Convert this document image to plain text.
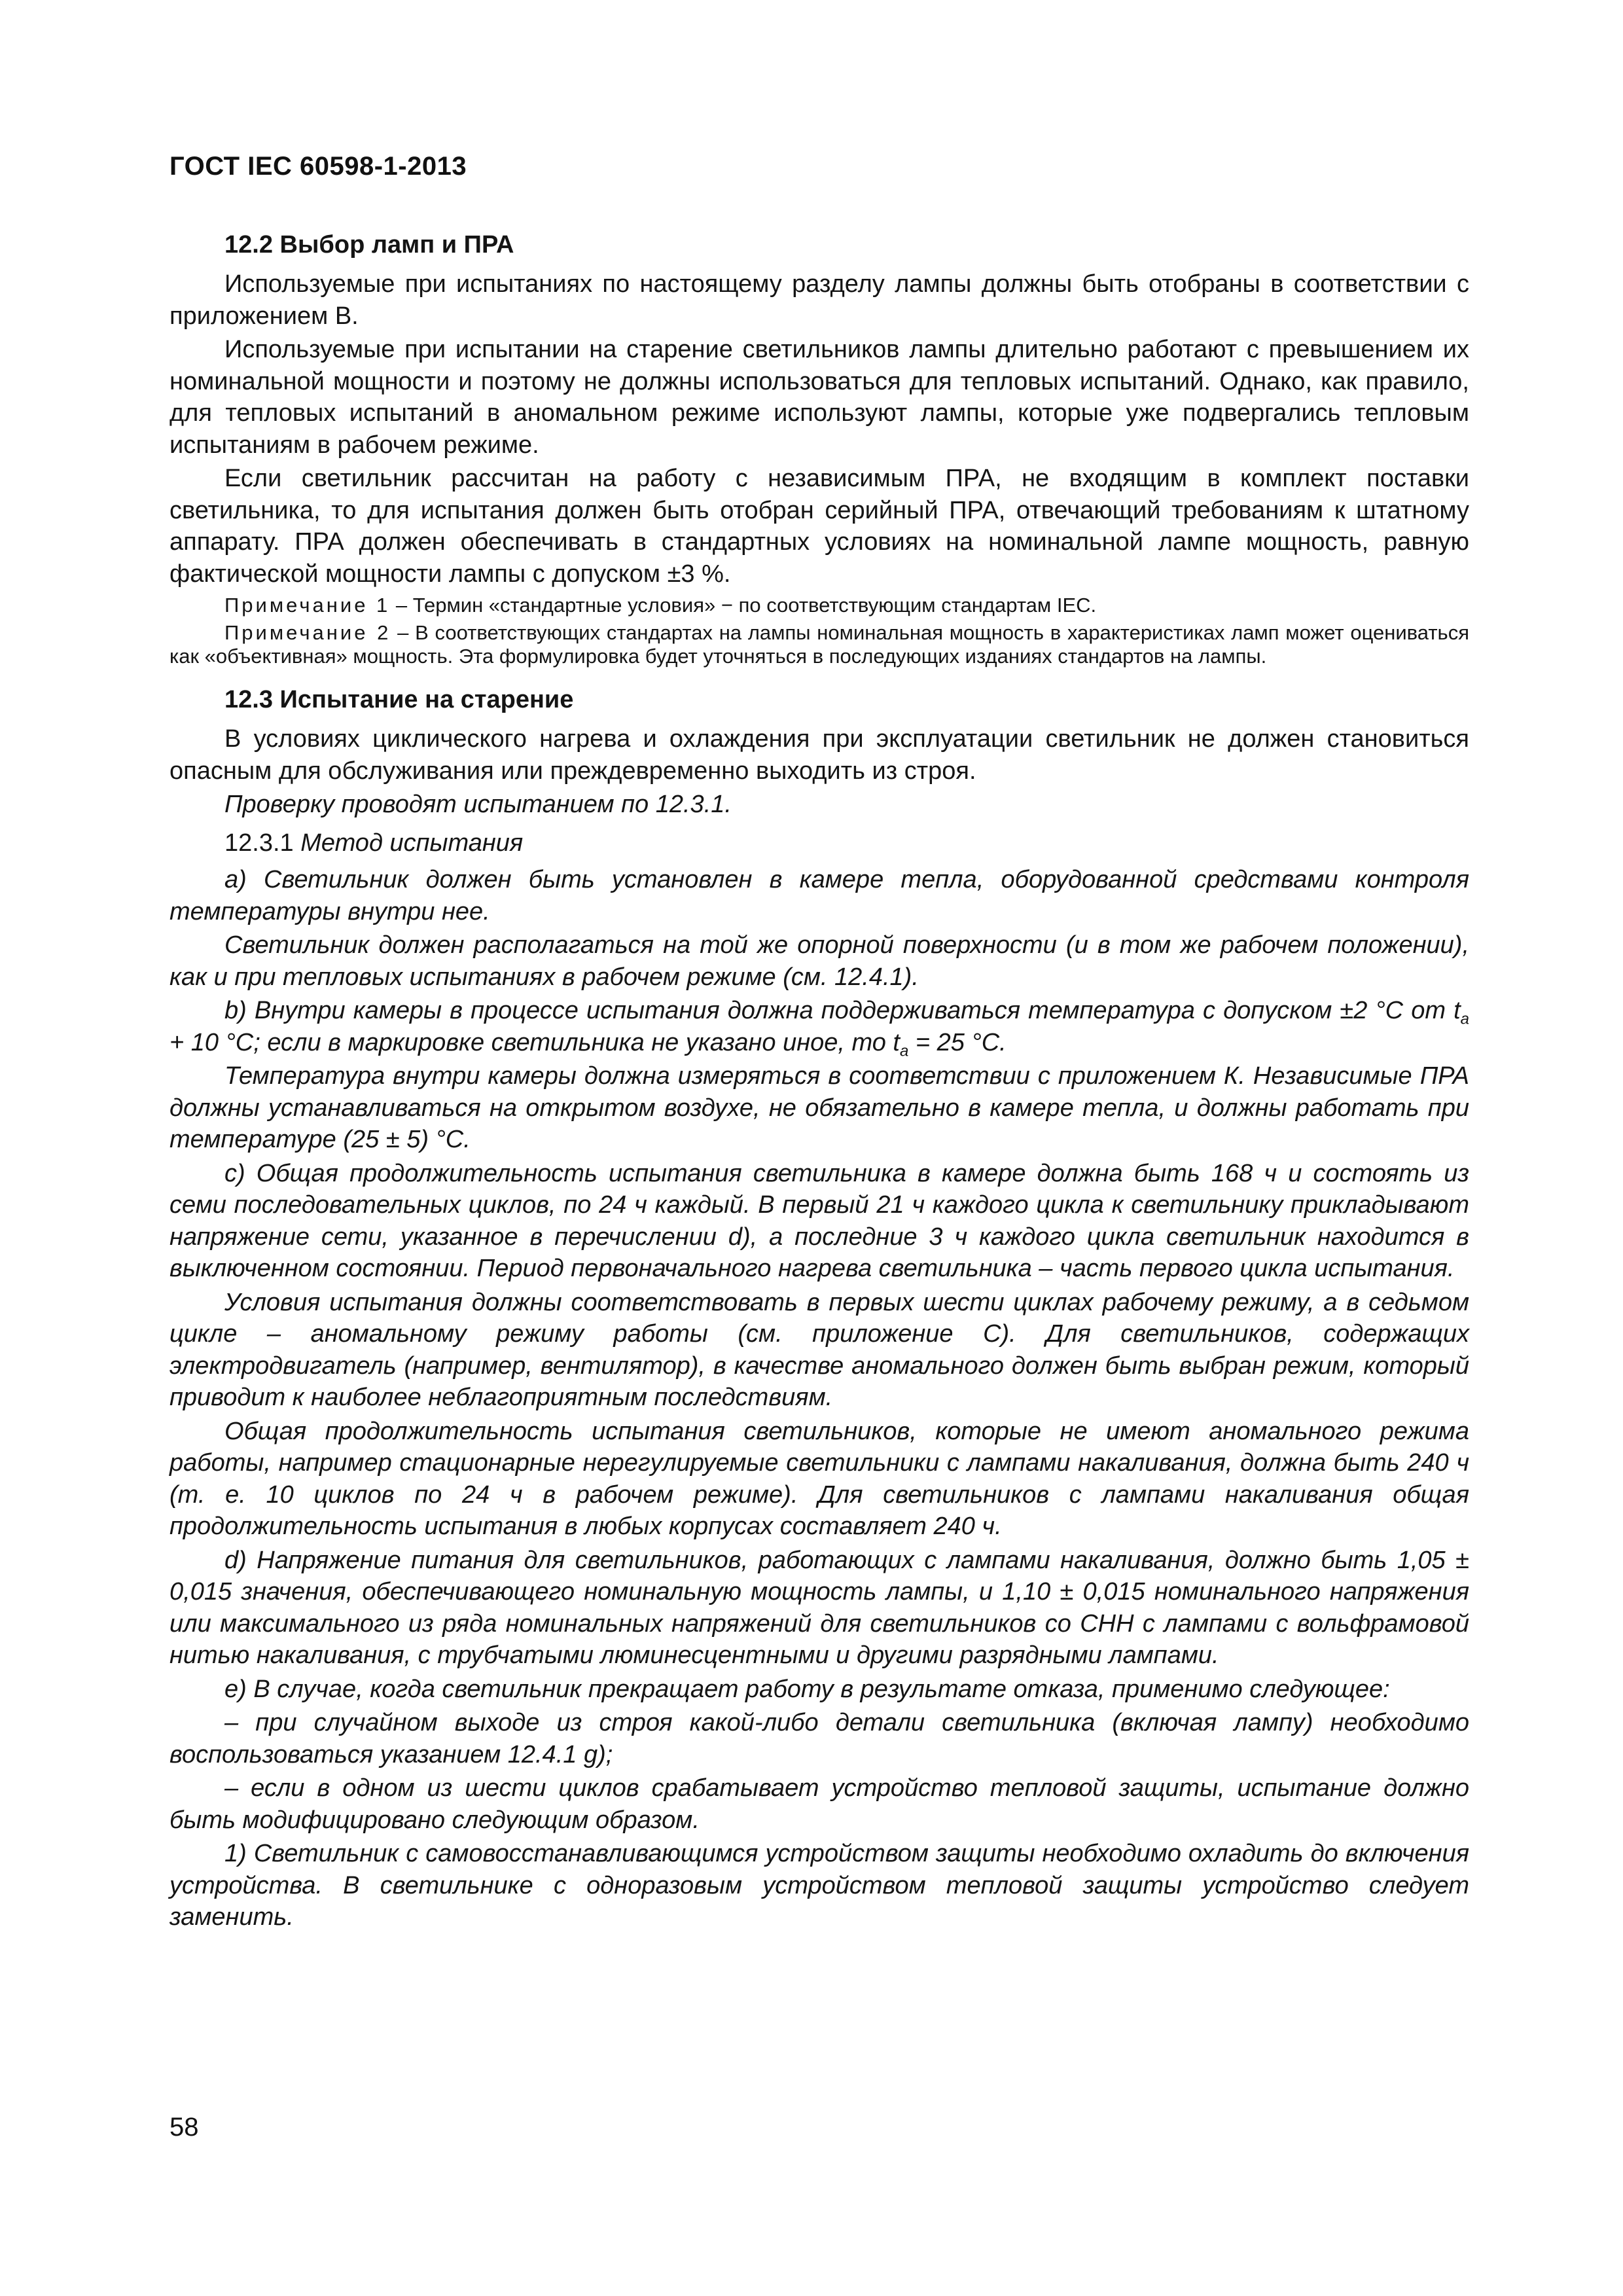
ГОСТ IEC 60598-1-2013
12.2 Выбор ламп и ПРА

Используемые при испытаниях по настоящему разделу лампы должны быть отобраны в соответствии с приложением В.

Используемые при испытании на старение светильников лампы длительно работают с превышением их номинальной мощности и поэтому не должны использоваться для тепловых испытаний. Однако, как правило, для тепловых испытаний в аномальном режиме используют лампы, которые уже подвергались тепловым испытаниям в рабочем режиме.

Если светильник рассчитан на работу с независимым ПРА, не входящим в комплект поставки светильника, то для испытания должен быть отобран серийный ПРА, отвечающий требованиям к штатному аппарату. ПРА должен обеспечивать в стандартных условиях на номинальной лампе мощность, равную фактической мощности лампы с допуском ±3 %.

Примечание 1 – Термин «стандартные условия» − по соответствующим стандартам IEC.

Примечание 2 – В соответствующих стандартах на лампы номинальная мощность в характеристиках ламп может оцениваться как «объективная» мощность. Эта формулировка будет уточняться в последующих изданиях стандартов на лампы.

12.3 Испытание на старение

В условиях циклического нагрева и охлаждения при эксплуатации светильник не должен становиться опасным для обслуживания или преждевременно выходить из строя.

Проверку проводят испытанием по 12.3.1.

12.3.1 Метод испытания

а) Светильник должен быть установлен в камере тепла, оборудованной средствами контроля температуры внутри нее.

Светильник должен располагаться на той же опорной поверхности (и в том же рабочем положении), как и при тепловых испытаниях в рабочем режиме (см. 12.4.1).

b) Внутри камеры в процессе испытания должна поддерживаться температура с допуском ±2 °С от $t_a + 10$ °С; если в маркировке светильника не указано иное, то $t_a = 25$ °С.

Температура внутри камеры должна измеряться в соответствии с приложением К. Независимые ПРА должны устанавливаться на открытом воздухе, не обязательно в камере тепла, и должны работать при температуре (25 ± 5) °С.

с) Общая продолжительность испытания светильника в камере должна быть 168 ч и состоять из семи последовательных циклов, по 24 ч каждый. В первый 21 ч каждого цикла к светильнику прикладывают напряжение сети, указанное в перечислении d), а последние 3 ч каждого цикла светильник находится в выключенном состоянии. Период первоначального нагрева светильника – часть первого цикла испытания.

Условия испытания должны соответствовать в первых шести циклах рабочему режиму, а в седьмом цикле – аномальному режиму работы (см. приложение С). Для светильников, содержащих электродвигатель (например, вентилятор), в качестве аномального должен быть выбран режим, который приводит к наиболее неблагоприятным последствиям.

Общая продолжительность испытания светильников, которые не имеют аномального режима работы, например стационарные нерегулируемые светильники с лампами накаливания, должна быть 240 ч (т. е. 10 циклов по 24 ч в рабочем режиме). Для светильников с лампами накаливания общая продолжительность испытания в любых корпусах составляет 240 ч.

d) Напряжение питания для светильников, работающих с лампами накаливания, должно быть 1,05 ± 0,015 значения, обеспечивающего номинальную мощность лампы, и 1,10 ± 0,015 номинального напряжения или максимального из ряда номинальных напряжений для светильников со СНН с лампами с вольфрамовой нитью накаливания, с трубчатыми люминесцентными и другими разрядными лампами.

е) В случае, когда светильник прекращает работу в результате отказа, применимо следующее:

– при случайном выходе из строя какой-либо детали светильника (включая лампу) необходимо воспользоваться указанием 12.4.1 g);

– если в одном из шести циклов срабатывает устройство тепловой защиты, испытание должно быть модифицировано следующим образом.

1) Светильник с самовосстанавливающимся устройством защиты необходимо охладить до включения устройства. В светильнике с одноразовым устройством тепловой защиты устройство следует заменить.

58
